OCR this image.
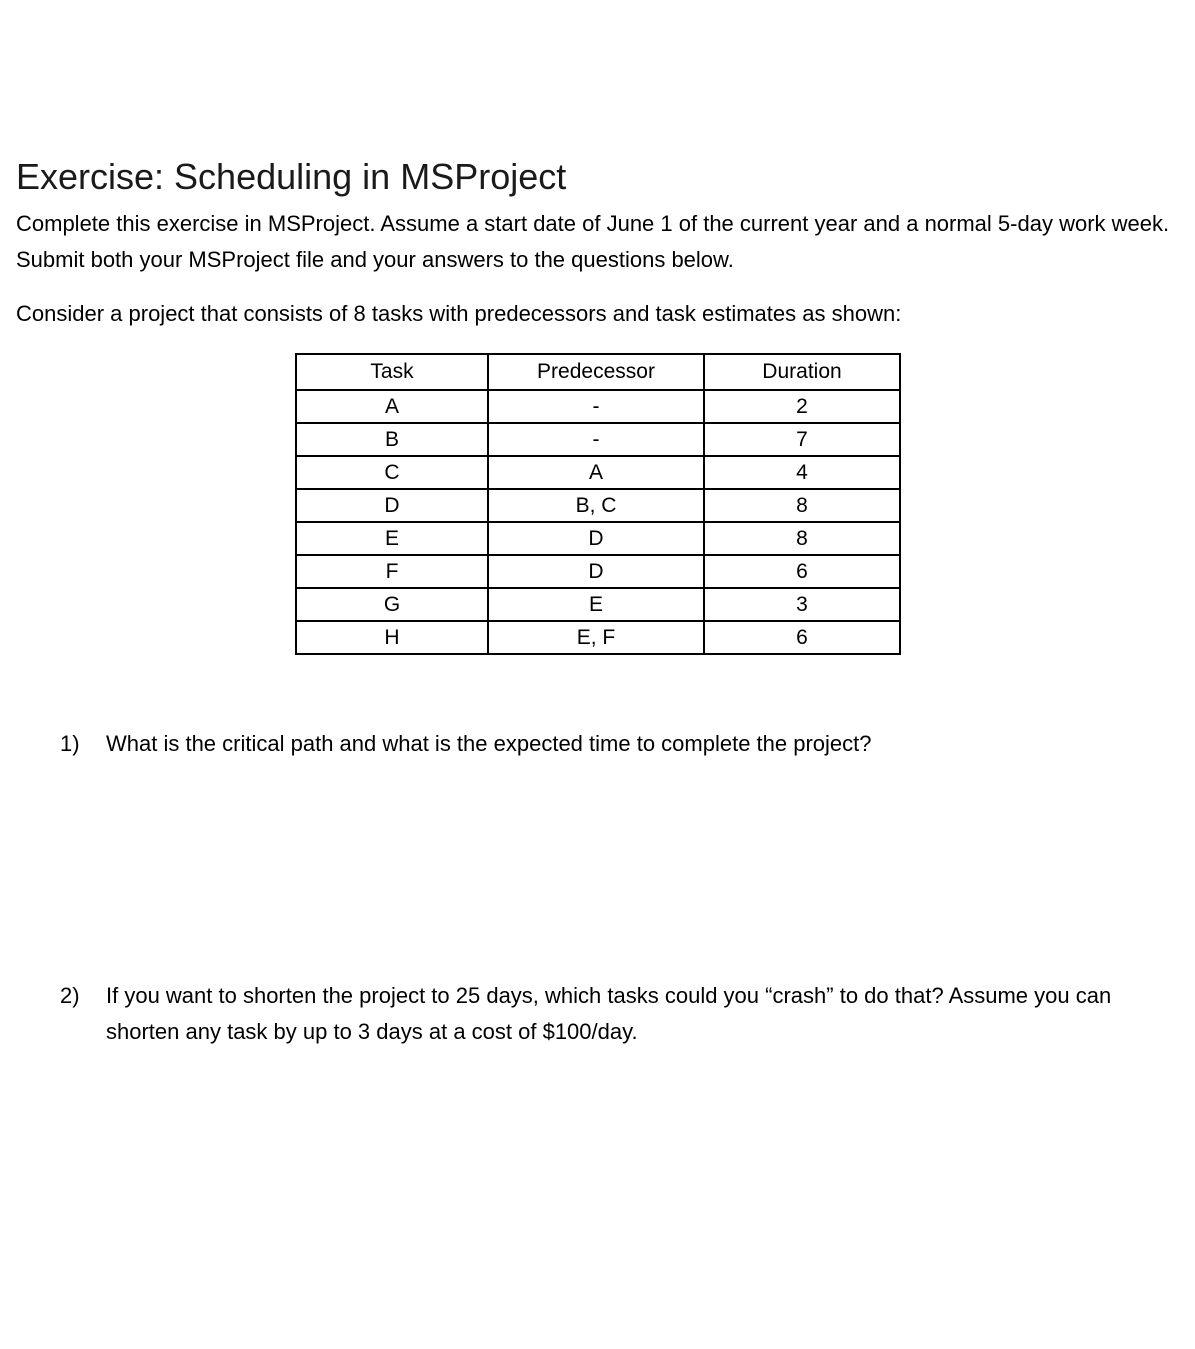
Exercise: Scheduling in MSProject

Complete this exercise in MSProject. Assume a start date of June 1 of the current year and a normal 5-day work week. Submit both your MSProject file and your answers to the questions below.

Consider a project that consists of 8 tasks with predecessors and task estimates as shown:

Task	Predecessor	Duration
A	-	2
B	-	7
C	A	4
D	B, C	8
E	D	8
F	D	6
G	E	3
H	E, F	6
1)	What is the critical path and what is the expected time to complete the project?
2)	If you want to shorten the project to 25 days, which tasks could you “crash” to do that? Assume you can shorten any task by up to 3 days at a cost of $100/day.
